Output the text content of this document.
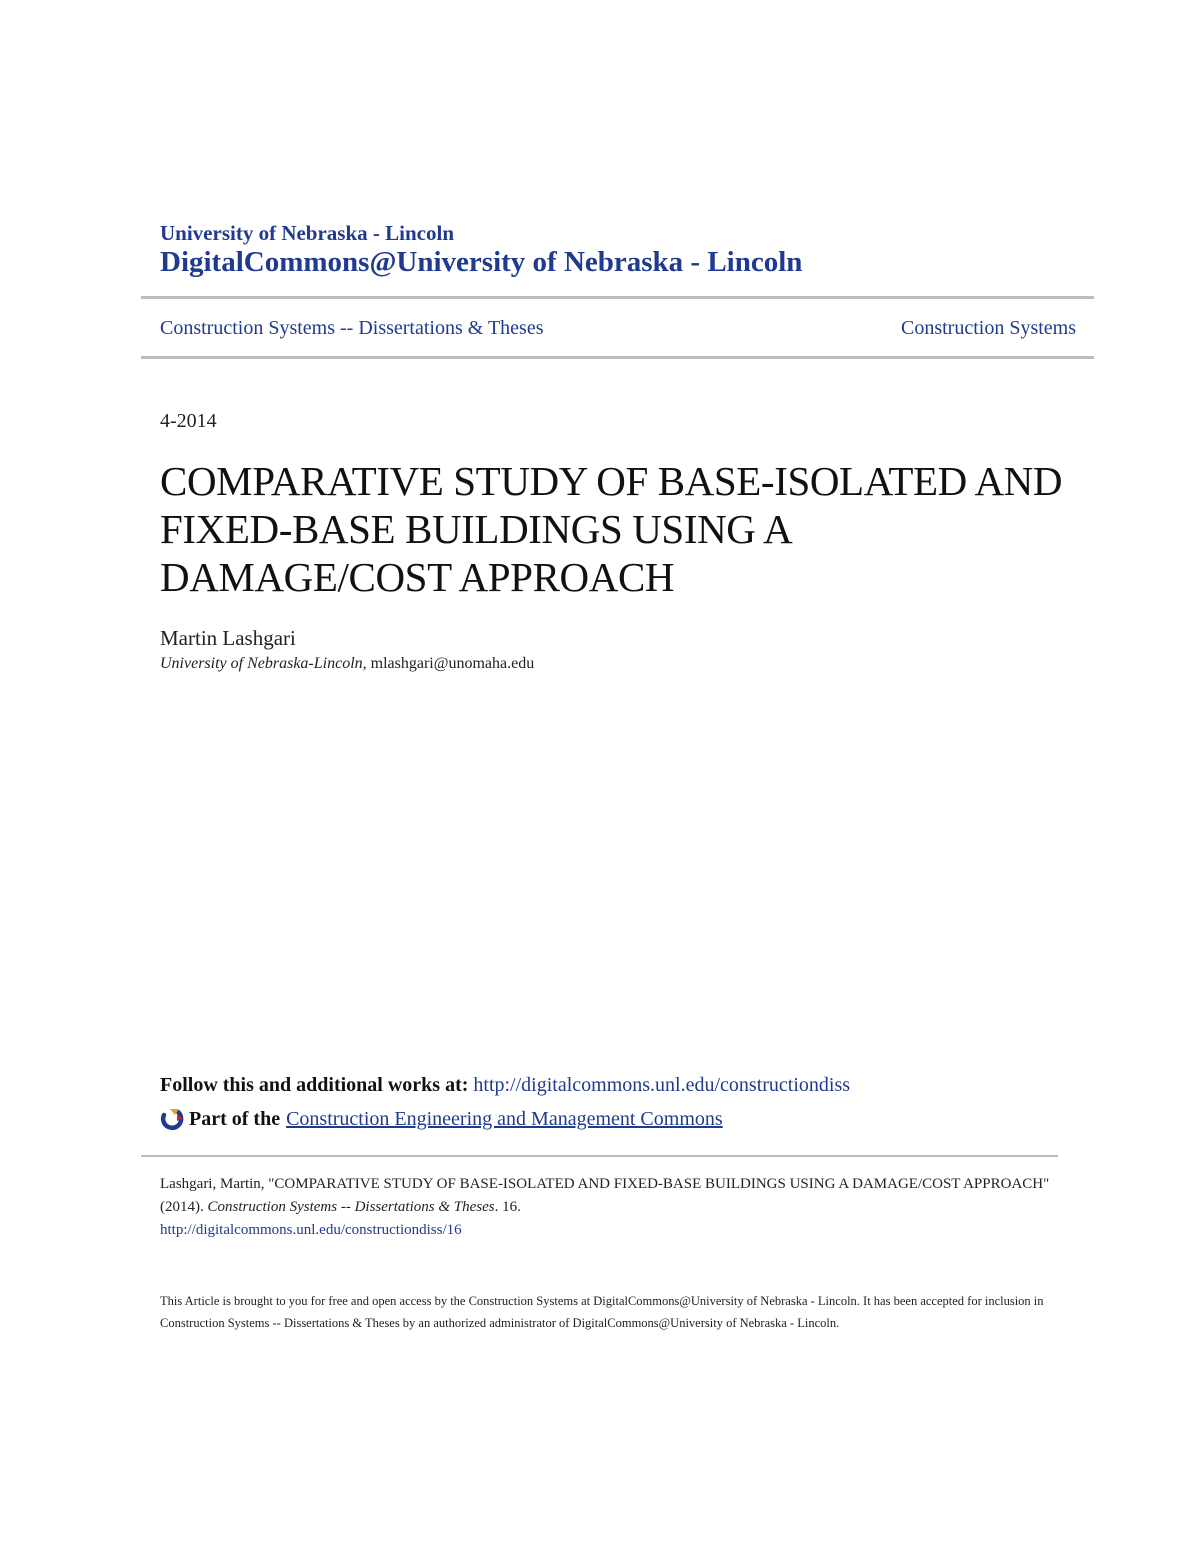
University of Nebraska - Lincoln
DigitalCommons@University of Nebraska - Lincoln
Construction Systems -- Dissertations & Theses	Construction Systems
4-2014
COMPARATIVE STUDY OF BASE-ISOLATED AND FIXED-BASE BUILDINGS USING A DAMAGE/COST APPROACH
Martin Lashgari
University of Nebraska-Lincoln, mlashgari@unomaha.edu
Follow this and additional works at: http://digitalcommons.unl.edu/constructiondiss
Part of the Construction Engineering and Management Commons
Lashgari, Martin, "COMPARATIVE STUDY OF BASE-ISOLATED AND FIXED-BASE BUILDINGS USING A DAMAGE/COST APPROACH" (2014). Construction Systems -- Dissertations & Theses. 16.
http://digitalcommons.unl.edu/constructiondiss/16
This Article is brought to you for free and open access by the Construction Systems at DigitalCommons@University of Nebraska - Lincoln. It has been accepted for inclusion in Construction Systems -- Dissertations & Theses by an authorized administrator of DigitalCommons@University of Nebraska - Lincoln.
